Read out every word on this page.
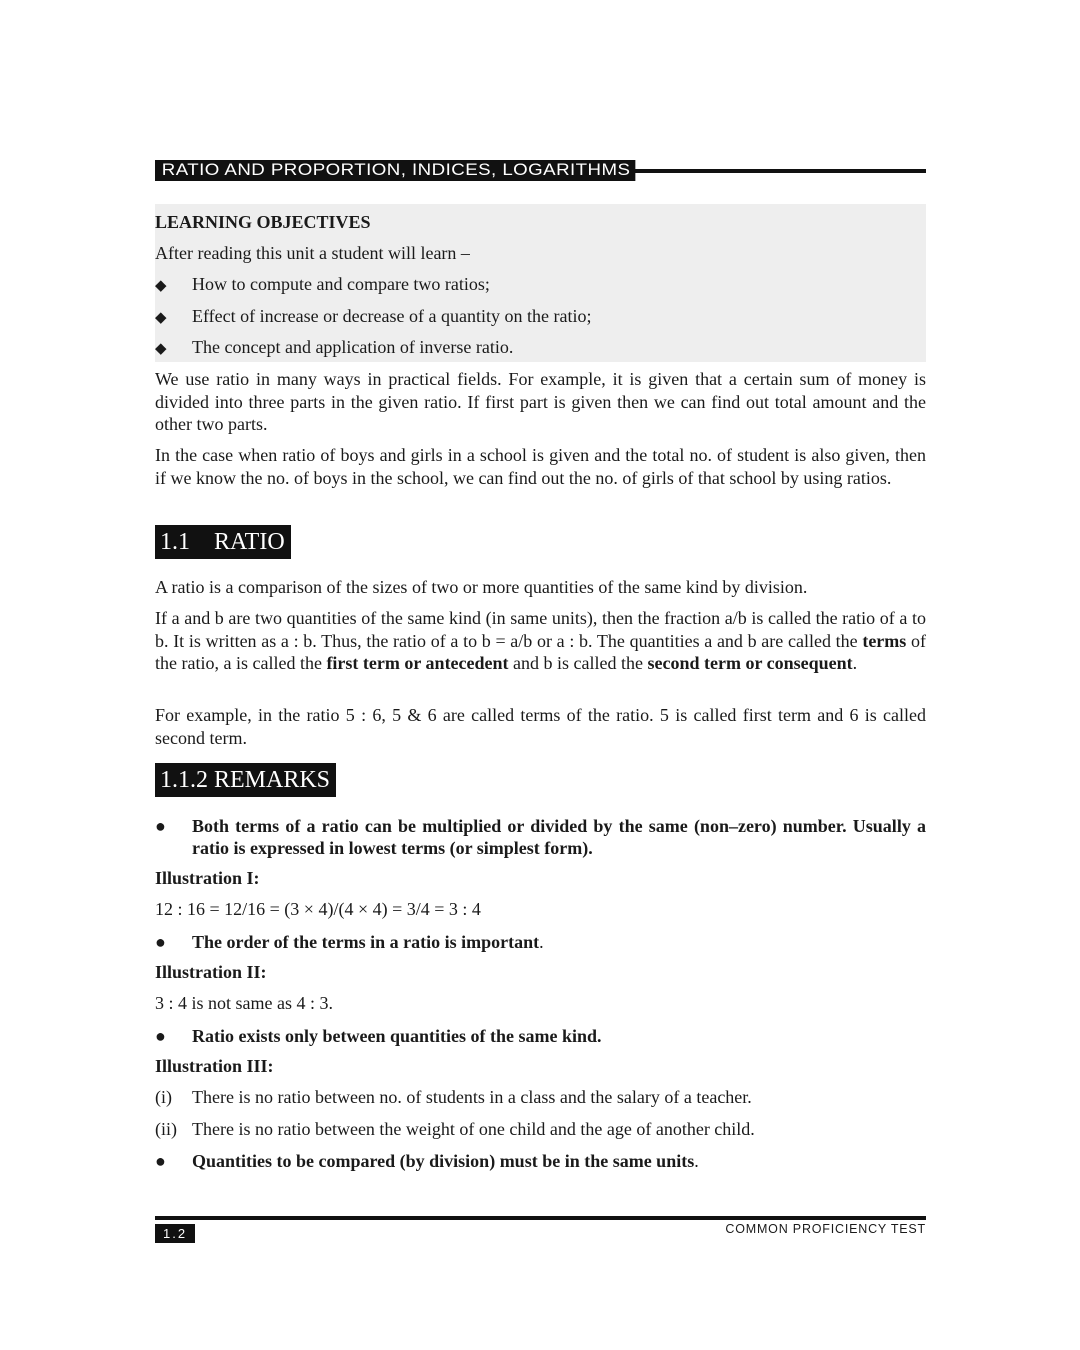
RATIO AND PROPORTION, INDICES, LOGARITHMS
LEARNING OBJECTIVES
After reading this unit a student will learn –
◆ How to compute and compare two ratios;
◆ Effect of increase or decrease of a quantity on the ratio;
◆ The concept and application of inverse ratio.
We use ratio in many ways in practical fields. For example, it is given that a certain sum of money is divided into three parts in the given ratio. If first part is given then we can find out total amount and the other two parts.
In the case when ratio of boys and girls in a school is given and the total no. of student is also given, then if we know the no. of boys in the school, we can find out the no. of girls of that school by using ratios.
1.1    RATIO
A ratio is a comparison of the sizes of two or more quantities of the same kind by division.
If a and b are two quantities of the same kind (in same units), then the fraction a/b is called the ratio of a to b. It is written as a : b. Thus, the ratio of a to b = a/b or a : b. The quantities a and b are called the terms of the ratio, a is called the first term or antecedent and b is called the second term or consequent.
For example, in the ratio 5 : 6, 5 & 6 are called terms of the ratio. 5 is called first term and 6 is called second term.
1.1.2 REMARKS
● Both terms of a ratio can be multiplied or divided by the same (non–zero) number. Usually a ratio is expressed in lowest terms (or simplest form).
Illustration I:
12 : 16 = 12/16 = (3 × 4)/(4 × 4) = 3/4 = 3 : 4
● The order of the terms in a ratio is important.
Illustration II:
3 : 4 is not same as 4 : 3.
● Ratio exists only between quantities of the same kind.
Illustration III:
(i) There is no ratio between no. of students in a class and the salary of a teacher.
(ii) There is no ratio between the weight of one child and the age of another child.
● Quantities to be compared (by division) must be in the same units.
1.2	COMMON PROFICIENCY TEST
